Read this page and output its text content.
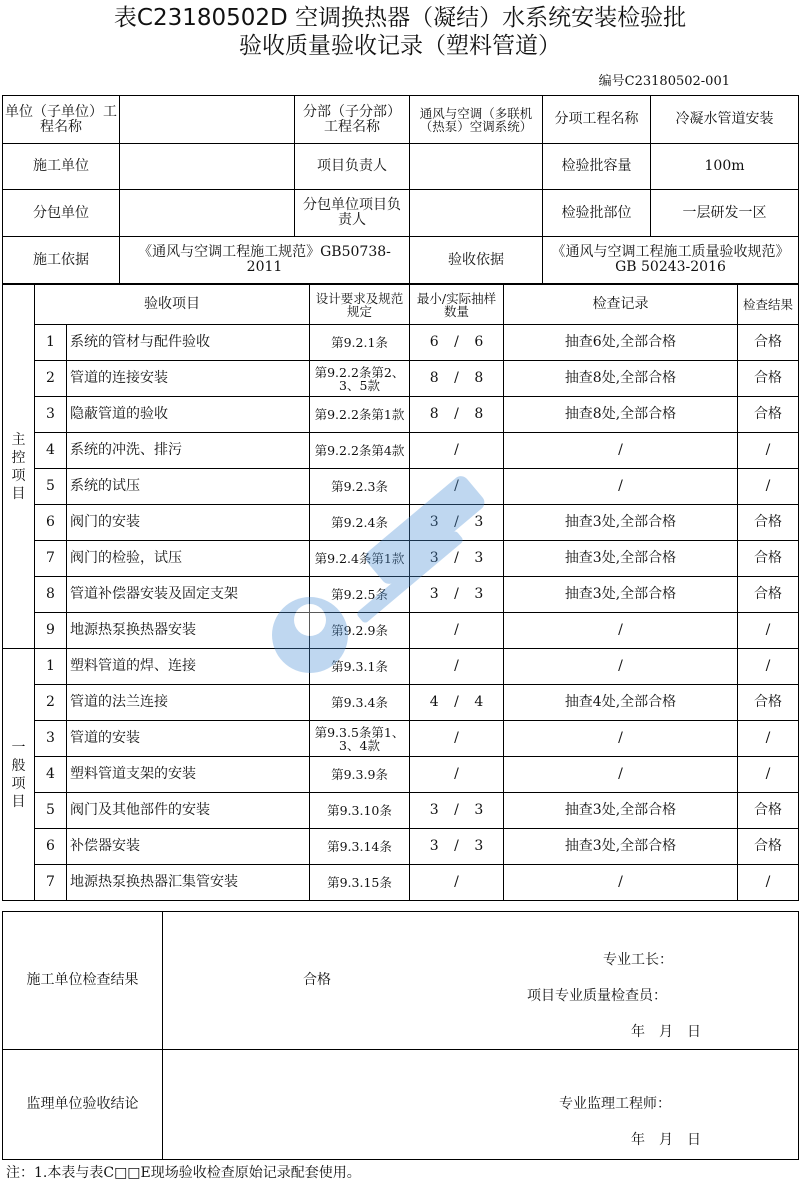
表C23180502D 空调换热器（凝结）水系统安装检验批
验收质量验收记录（塑料管道）
编号C23180502-001
单位（子单位）工程名称		分部（子分部）工程名称	通风与空调（多联机（热泵）空调系统）	分项工程名称	冷凝水管道安装
施工单位		项目负责人		检验批容量	100m
分包单位		分包单位项目负责人		检验批部位	一层研发一区
施工依据	《通风与空调工程施工规范》GB50738-2011		验收依据	《通风与空调工程施工质量验收规范》GB 50243-2016	
主控项目	验收项目		设计要求及规范规定	最小/实际抽样数量	检查记录	检查结果
	1	系统的管材与配件验收	第9.2.1条	6 / 6	抽查6处,全部合格	合格
	2	管道的连接安装	第9.2.2条第2、3、5款	8 / 8	抽查8处,全部合格	合格
	3	隐蔽管道的验收	第9.2.2条第1款	8 / 8	抽查8处,全部合格	合格
	4	系统的冲洗、排污	第9.2.2条第4款	/	/	/
	5	系统的试压	第9.2.3条	/	/	/
	6	阀门的安装	第9.2.4条	3 / 3	抽查3处,全部合格	合格
	7	阀门的检验，试压	第9.2.4条第1款	3 / 3	抽查3处,全部合格	合格
	8	管道补偿器安装及固定支架	第9.2.5条	3 / 3	抽查3处,全部合格	合格
	9	地源热泵换热器安装	第9.2.9条	/	/	/

一般项目	1	塑料管道的焊、连接	第9.3.1条	/	/	/
	2	管道的法兰连接	第9.3.4条	4 / 4	抽查4处,全部合格	合格
	3	管道的安装	第9.3.5条第1、3、4款	/	/	/
	4	塑料管道支架的安装	第9.3.9条	/	/	/
	5	阀门及其他部件的安装	第9.3.10条	3 / 3	抽查3处,全部合格	合格
	6	补偿器安装	第9.3.14条	3 / 3	抽查3处,全部合格	合格
	7	地源热泵换热器汇集管安装	第9.3.15条	/	/	/
施工单位检查结果	合格
专业工长：
项目专业质量检查员：
年　月　日

监理单位验收结论	专业监理工程师：
年　月　日
注：1.本表与表C□□E现场验收检查原始记录配套使用。
